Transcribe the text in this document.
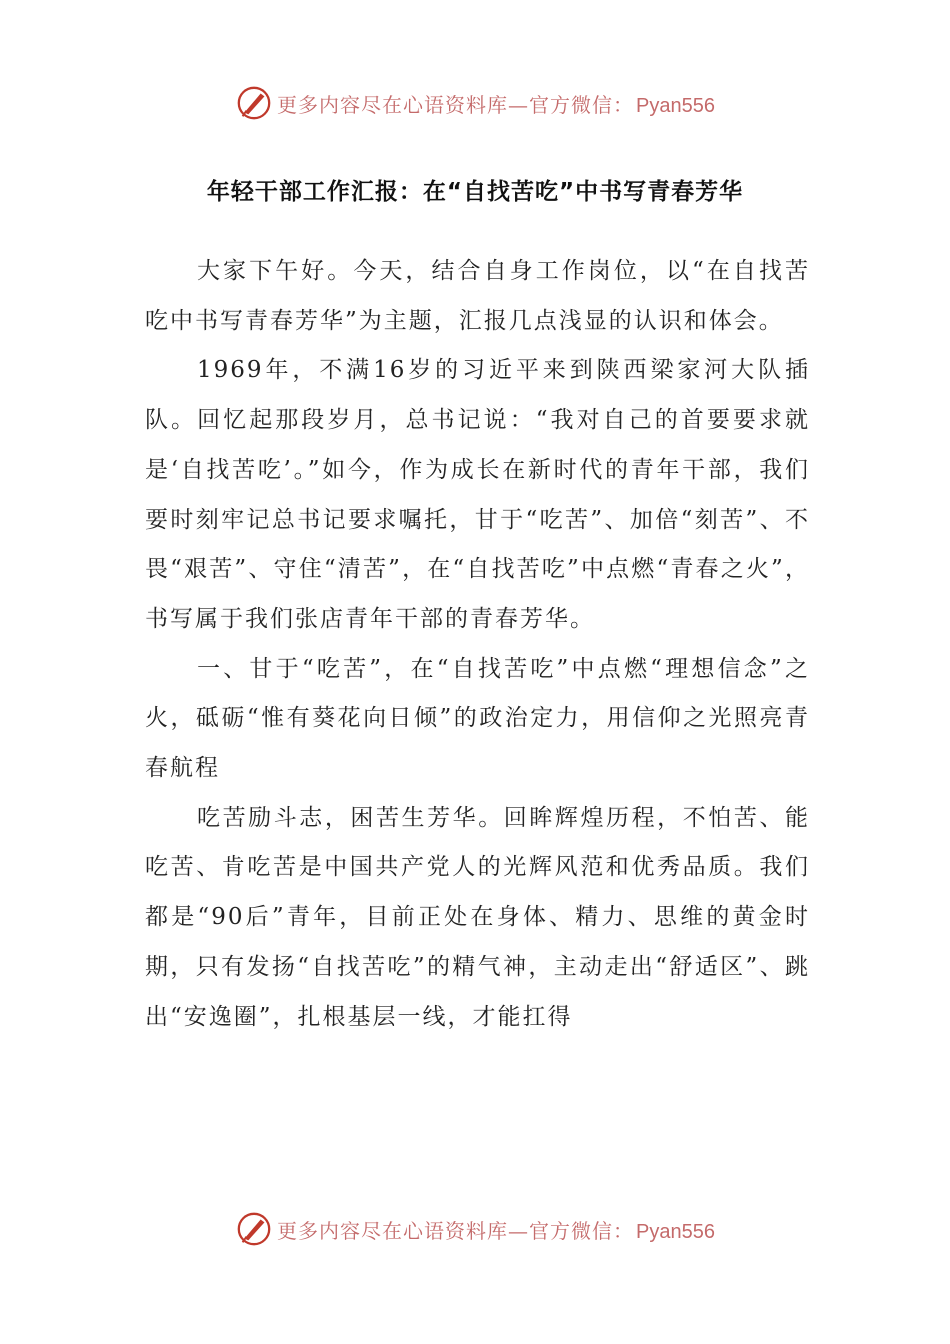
更多内容尽在心语资料库—官方微信： Pyan556
年轻干部工作汇报：在“自找苦吃”中书写青春芳华

大家下午好。今天，结合自身工作岗位，以“在自找苦吃中书写青春芳华”为主题，汇报几点浅显的认识和体会。

1969年，不满16岁的习近平来到陕西梁家河大队插队。回忆起那段岁月，总书记说：“我对自己的首要要求就是‘自找苦吃’。”如今，作为成长在新时代的青年干部，我们要时刻牢记总书记要求嘱托，甘于“吃苦”、加倍“刻苦”、不畏“艰苦”、守住“清苦”，在“自找苦吃”中点燃“青春之火”，书写属于我们张店青年干部的青春芳华。

一、甘于“吃苦”，在“自找苦吃”中点燃“理想信念”之火，砥砺“惟有葵花向日倾”的政治定力，用信仰之光照亮青春航程

吃苦励斗志，困苦生芳华。回眸辉煌历程，不怕苦、能吃苦、肯吃苦是中国共产党人的光辉风范和优秀品质。我们都是“90后”青年，目前正处在身体、精力、思维的黄金时期，只有发扬“自找苦吃”的精气神，主动走出“舒适区”、跳出“安逸圈”，扎根基层一线，才能扛得

更多内容尽在心语资料库—官方微信： Pyan556
